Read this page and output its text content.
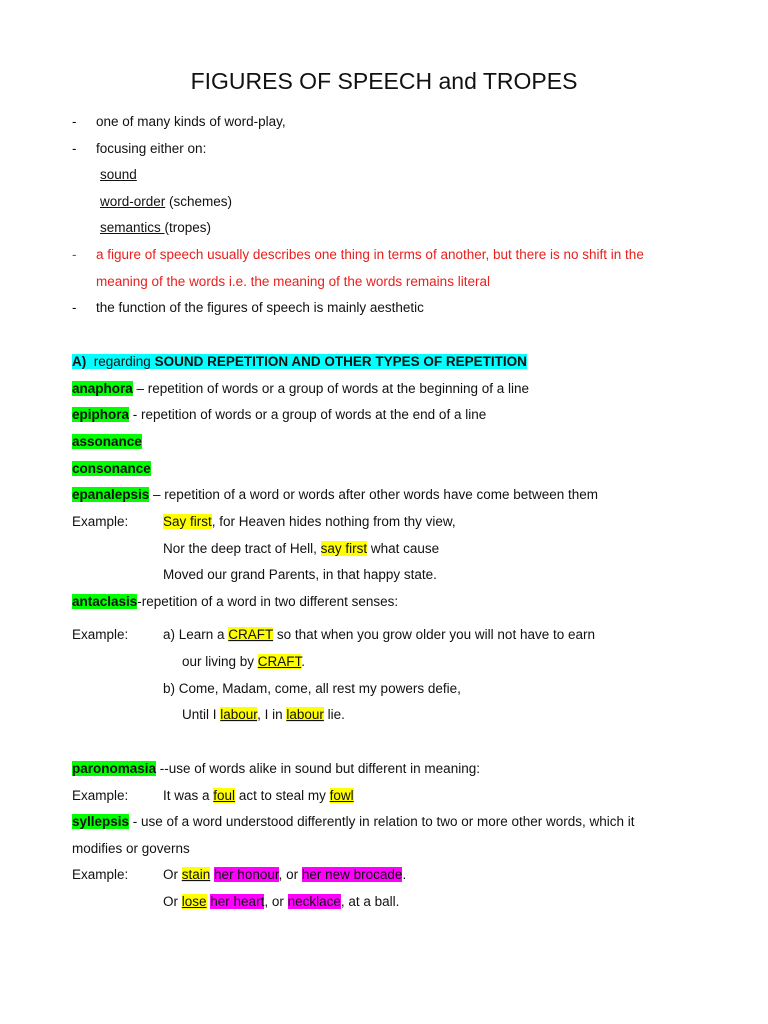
FIGURES OF SPEECH and TROPES
- one of many kinds of word-play,
- focusing either on:
sound
word-order (schemes)
semantics (tropes)
- a figure of speech usually describes one thing in terms of another, but there is no shift in the
meaning of the words i.e. the meaning of the words remains literal
- the function of the figures of speech is mainly aesthetic
A) regarding SOUND REPETITION AND OTHER TYPES OF REPETITION
anaphora – repetition of words or a group of words at the beginning of a line
epiphora - repetition of words or a group of words at the end of a line
assonance
consonance
epanalepsis – repetition of a word or words after other words have come between them
Example:	Say first, for Heaven hides nothing from thy view,
Nor the deep tract of Hell, say first what cause
Moved our grand Parents, in that happy state.
antaclasis-repetition of a word in two different senses:
Example:	a) Learn a CRAFT so that when you grow older you will not have to earn
our living by CRAFT.
b) Come, Madam, come, all rest my powers defie,
Until I labour, I in labour lie.
paronomasia --use of words alike in sound but different in meaning:
Example:	It was a foul act to steal my fowl
syllepsis - use of a word understood differently in relation to two or more other words, which it
modifies or governs
Example:	Or stain her honour, or her new brocade.
Or lose her heart, or necklace, at a ball.
